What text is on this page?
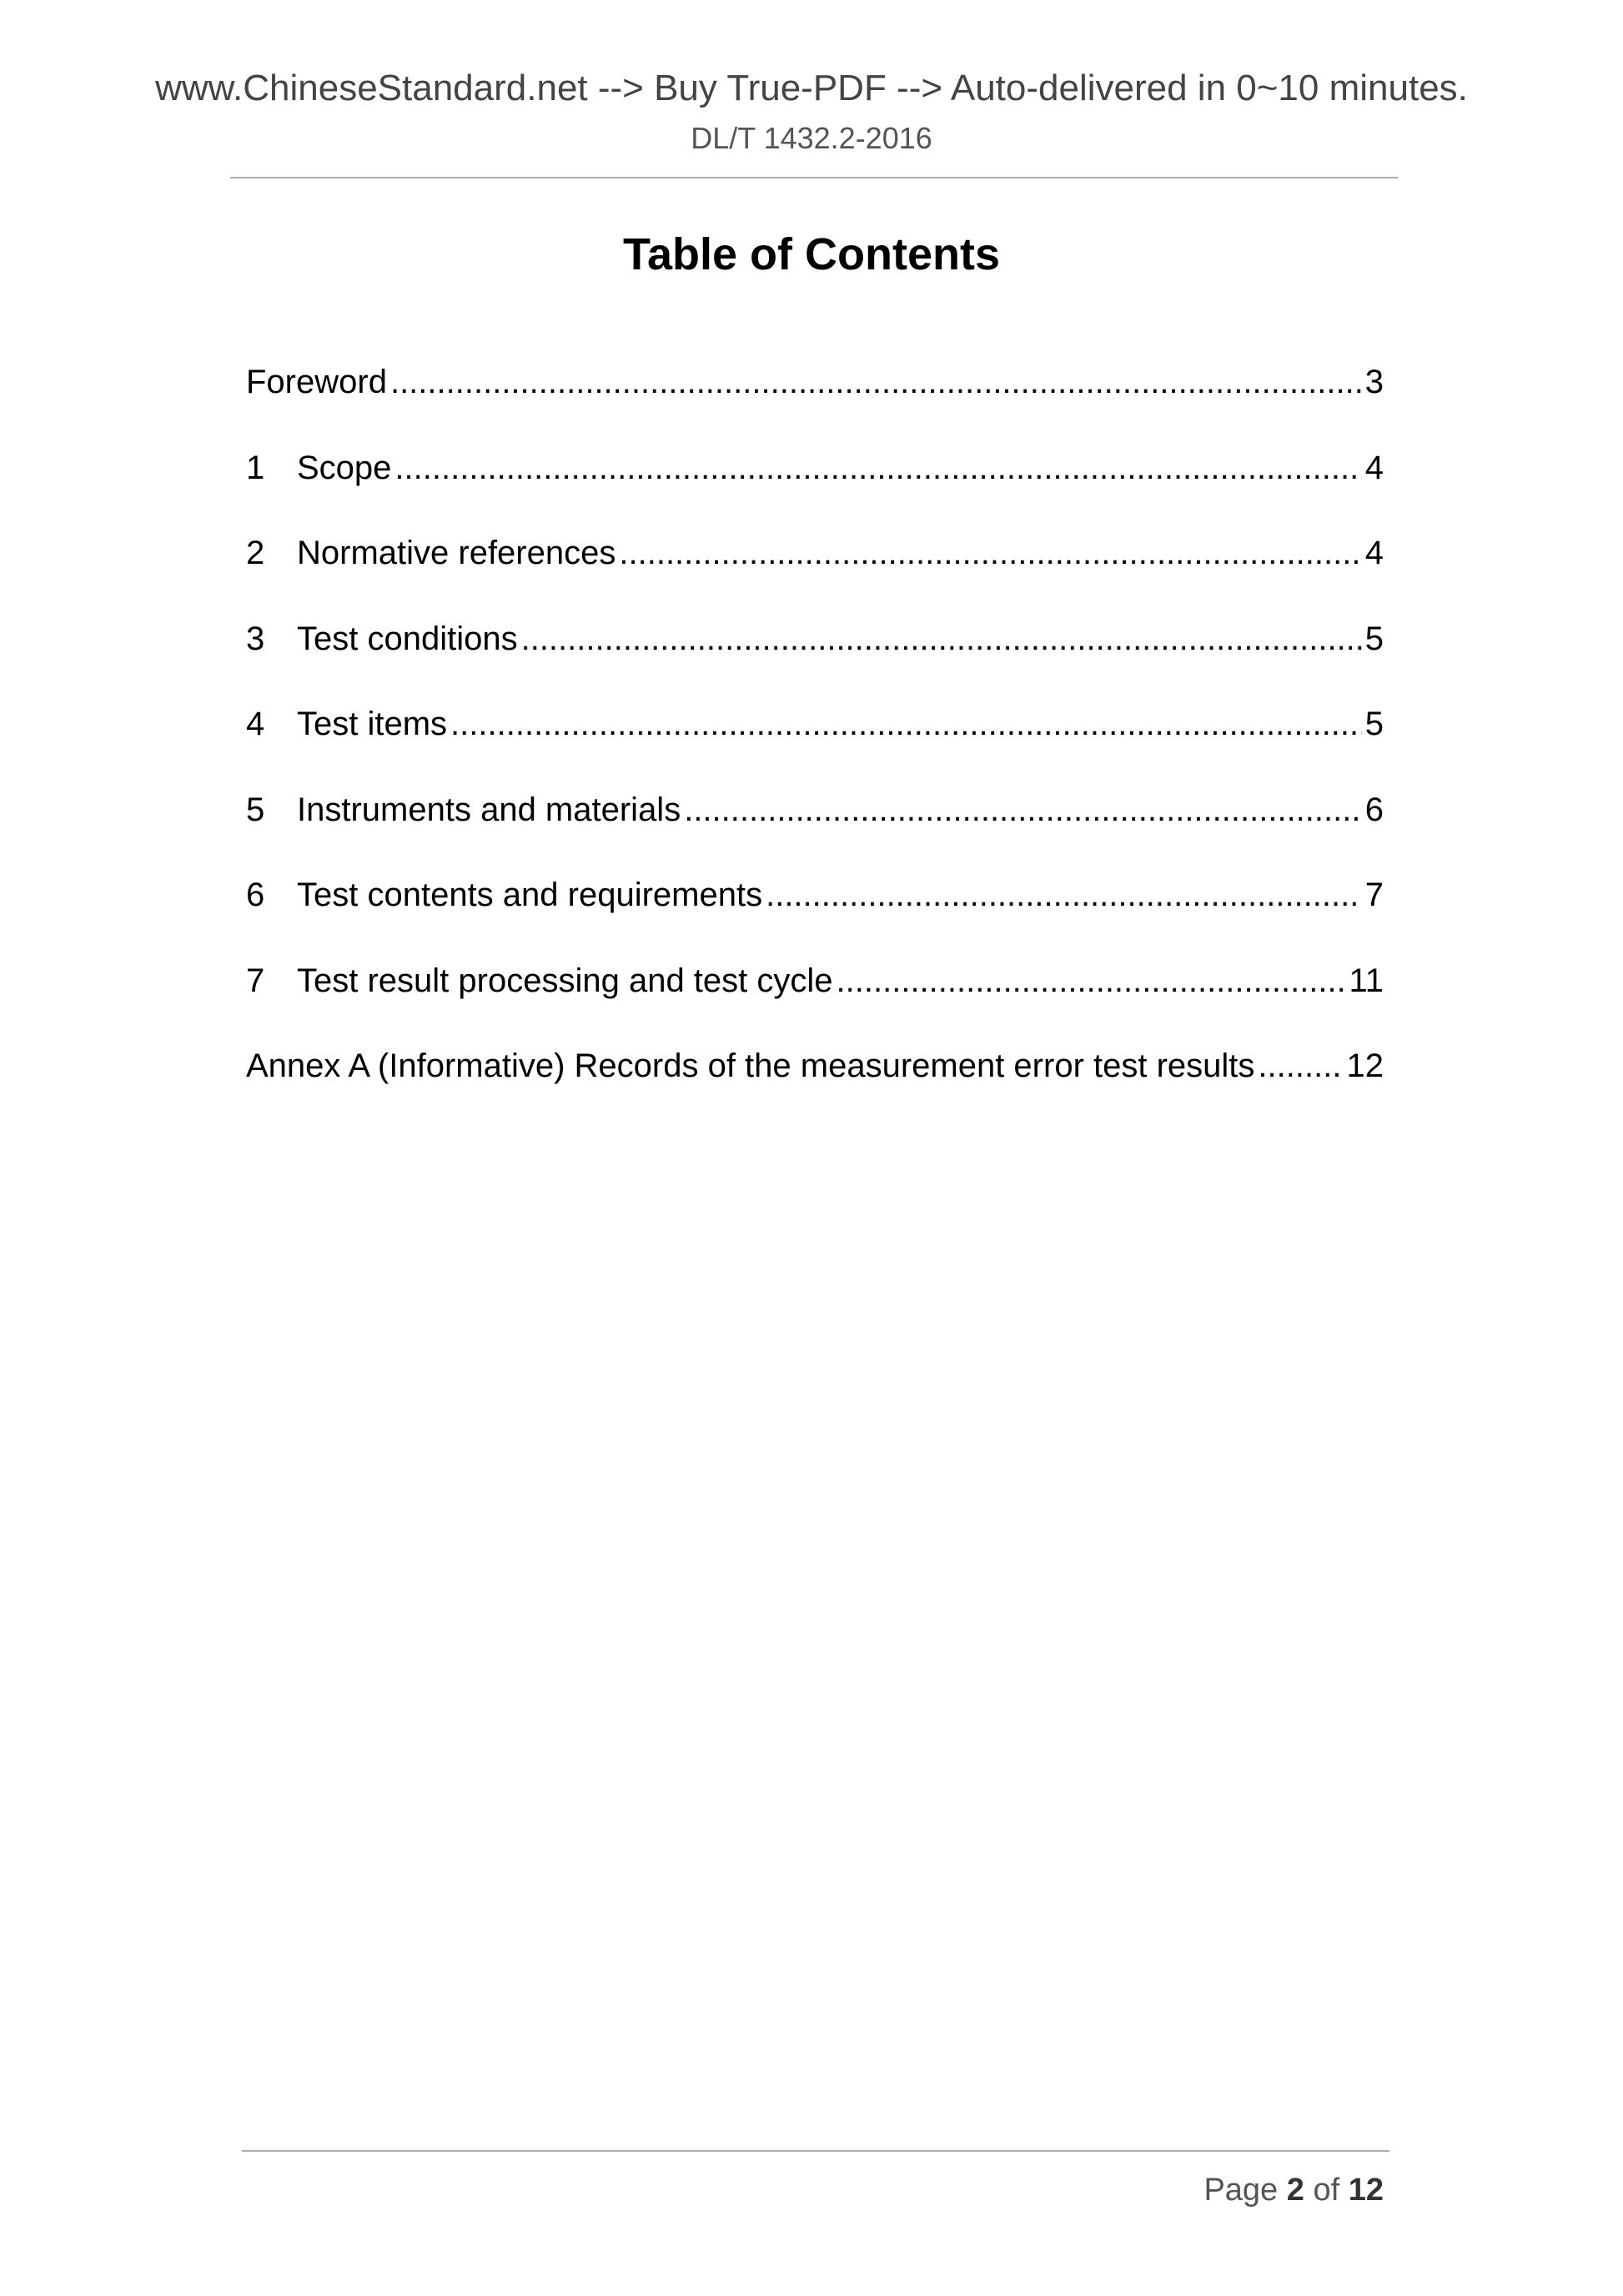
www.ChineseStandard.net --> Buy True-PDF --> Auto-delivered in 0~10 minutes.
DL/T 1432.2-2016
Table of Contents
Foreword .....	3
1 Scope .....	4
2 Normative references .....	4
3 Test conditions .....	5
4 Test items .....	5
5 Instruments and materials .....	6
6 Test contents and requirements .....	7
7 Test result processing and test cycle .....	11
Annex A (Informative) Records of the measurement error test results .....	12
Page 2 of 12
